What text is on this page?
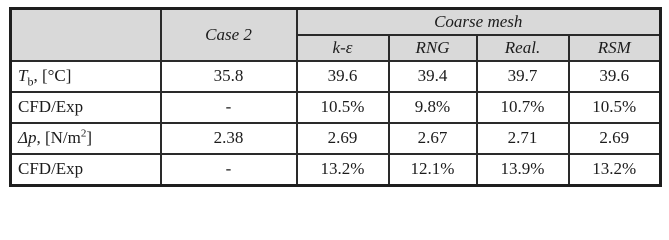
	Case 2	Coarse mesh			
		k-ε	RNG	Real.	RSM
$T_b$, [°C]	35.8	39.6	39.4	39.7	39.6
CFD/Exp	-	10.5%	9.8%	10.7%	10.5%
Δp, $[N/m^2]$	2.38	2.69	2.67	2.71	2.69
CFD/Exp	-	13.2%	12.1%	13.9%	13.2%
